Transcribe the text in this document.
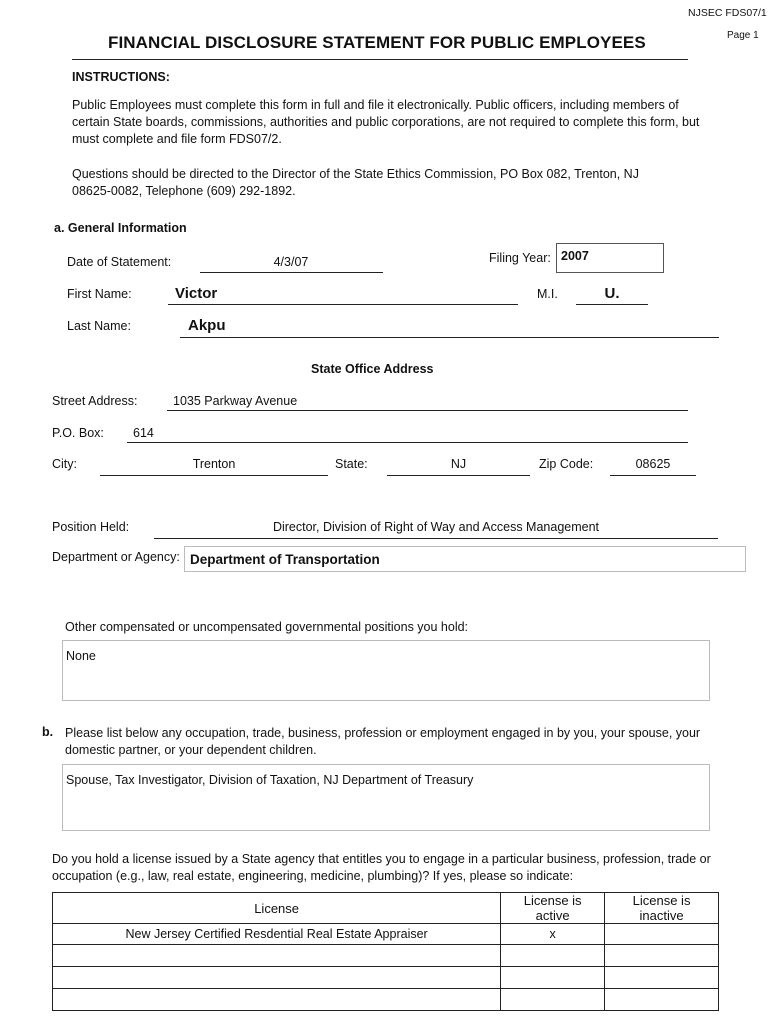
NJSEC FDS07/1
Page 1
FINANCIAL DISCLOSURE STATEMENT FOR PUBLIC EMPLOYEES
INSTRUCTIONS:
Public Employees must complete this form in full and file it electronically. Public officers, including members of certain State boards, commissions, authorities and public corporations, are not required to complete this form, but must complete and file form FDS07/2.
Questions should be directed to the Director of the State Ethics Commission, PO Box 082, Trenton, NJ 08625-0082, Telephone (609) 292-1892.
a. General Information
Date of Statement:	4/3/07	Filing Year: 2007
First Name:	Victor	M.I.	U.
Last Name:	Akpu
State Office Address
Street Address:	1035 Parkway Avenue
P.O. Box: 614
City:	Trenton	State:	NJ	Zip Code:	08625
Position Held:	Director, Division of Right of Way and Access Management
Department or Agency: Department of Transportation
Other compensated or uncompensated governmental positions you hold:
None
b. Please list below any occupation, trade, business, profession or employment engaged in by you, your spouse, your domestic partner, or your dependent children.
Spouse, Tax Investigator, Division of Taxation, NJ Department of Treasury
Do you hold a license issued by a State agency that entitles you to engage in a particular business, profession, trade or occupation (e.g., law, real estate, engineering, medicine, plumbing)? If yes, please so indicate:
License	License is active	License is inactive
New Jersey Certified Resdential Real Estate Appraiser	x	
